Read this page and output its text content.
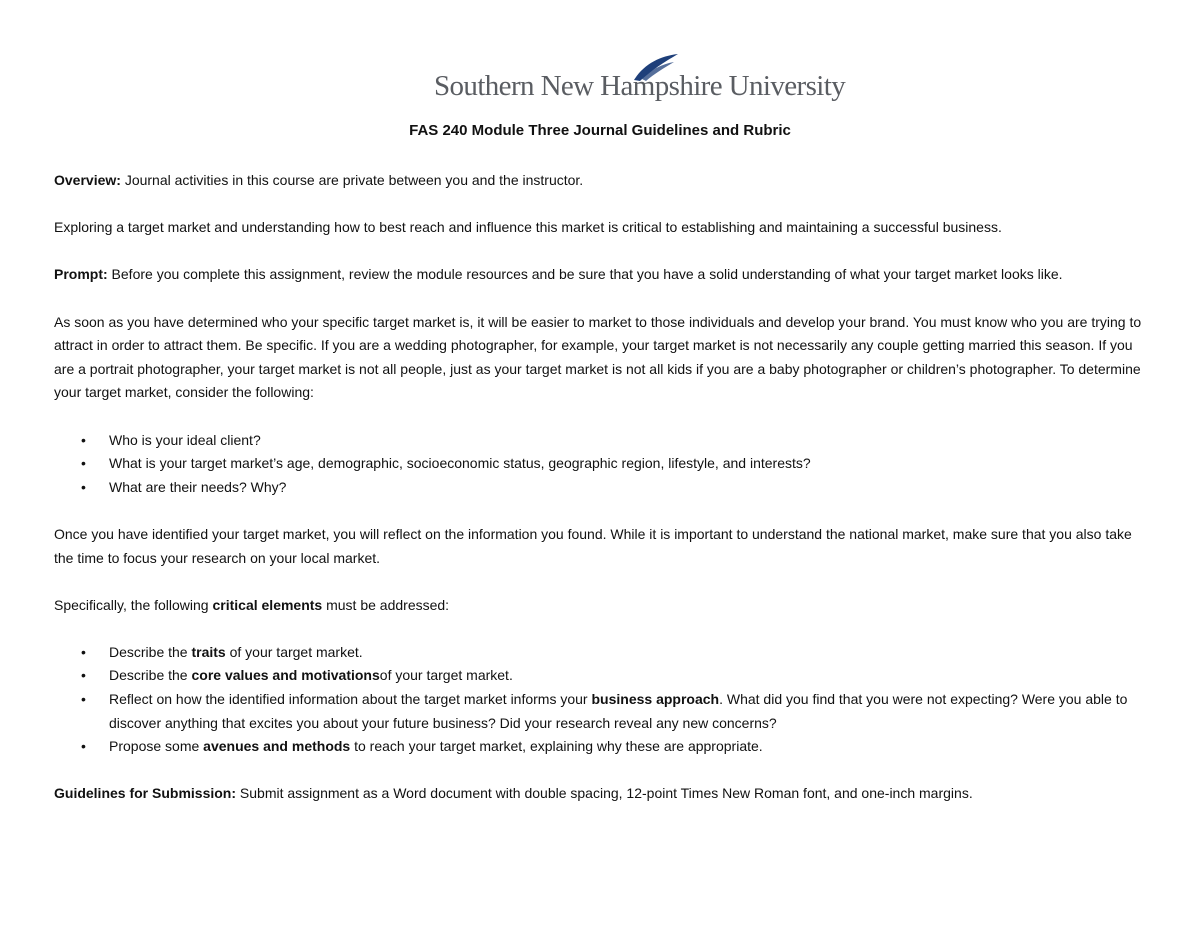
Southern New Hampshire University
FAS 240 Module Three Journal Guidelines and Rubric

Overview: Journal activities in this course are private between you and the instructor.

Exploring a target market and understanding how to best reach and influence this market is critical to establishing and maintaining a successful business.

Prompt: Before you complete this assignment, review the module resources and be sure that you have a solid understanding of what your target market looks like.

As soon as you have determined who your specific target market is, it will be easier to market to those individuals and develop your brand. You must know who you are trying to attract in order to attract them. Be specific. If you are a wedding photographer, for example, your target market is not necessarily any couple getting married this season. If you are a portrait photographer, your target market is not all people, just as your target market is not all kids if you are a baby photographer or children’s photographer. To determine your target market, consider the following:

• Who is your ideal client?
• What is your target market’s age, demographic, socioeconomic status, geographic region, lifestyle, and interests?
• What are their needs? Why?

Once you have identified your target market, you will reflect on the information you found. While it is important to understand the national market, make sure that you also take the time to focus your research on your local market.

Specifically, the following critical elements must be addressed:

• Describe the traits of your target market.
• Describe the core values and motivationsof your target market.
• Reflect on how the identified information about the target market informs your business approach. What did you find that you were not expecting? Were you able to discover anything that excites you about your future business? Did your research reveal any new concerns?
• Propose some avenues and methods to reach your target market, explaining why these are appropriate.

Guidelines for Submission: Submit assignment as a Word document with double spacing, 12-point Times New Roman font, and one-inch margins.
